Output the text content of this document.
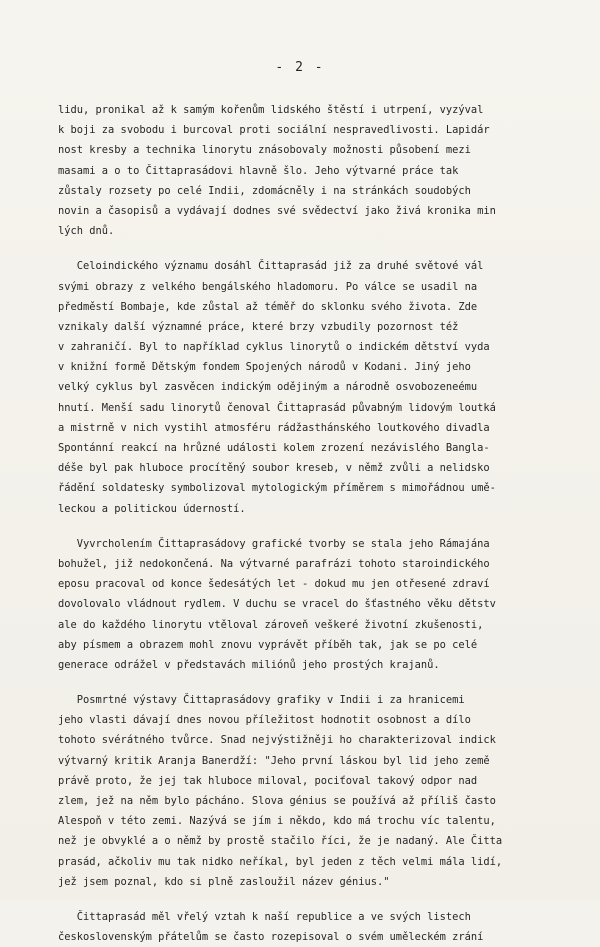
- 2 -
lidu, pronikal až k samým kořenům lidského štěstí i utrpení, vyzýval
k boji za svobodu i burcoval proti sociální nespravedlivosti. Lapidár
nost kresby a technika linorytu znásobovaly možnosti působení mezi
masami a o to Čittaprasádovi hlavně šlo. Jeho výtvarné práce tak
zůstaly rozsety po celé Indii, zdomácněly i na stránkách soudobých
novin a časopisů a vydávají dodnes své svědectví jako živá kronika min
lých dnů.
Celoindického významu dosáhl Čittaprasád již za druhé světové vál
svými obrazy z velkého bengálského hladomoru. Po válce se usadil na
předměstí Bombaje, kde zůstal až téměř do sklonku svého života. Zde
vznikaly další významné práce, které brzy vzbudily pozornost též
v zahraničí. Byl to například cyklus linorytů o indickém dětství vyda
v knižní formě Dětským fondem Spojených národů v Kodani. Jiný jeho
velký cyklus byl zasvěcen indickým odějiným a národně osvobozeneému
hnutí. Menší sadu linorytů čenoval Čittaprasád půvabným lidovým loutká
a mistrně v nich vystihl atmosféru rádžasthánského loutkového divadla
Spontánní reakcí na hrůzné události kolem zrození nezávislého Bangla-
déše byl pak hluboce procítěný soubor kreseb, v němž zvůli a nelidsko
řádění soldatesky symbolizoval mytologickým příměrem s mimořádnou umě-
leckou a politickou úderností.
Vyvrcholením Čittaprasádovy grafické tvorby se stala jeho Rámajána
bohužel, již nedokončená. Na výtvarné parafrázi tohoto staroindického
eposu pracoval od konce šedesátých let - dokud mu jen otřesené zdraví
dovolovalo vládnout rydlem. V duchu se vracel do šťastného věku dětstv
ale do každého linorytu vtěloval zároveň veškeré životní zkušenosti,
aby písmem a obrazem mohl znovu vyprávět příběh tak, jak se po celé
generace odrážel v představách miliónů jeho prostých krajanů.
Posmrtné výstavy Čittaprasádovy grafiky v Indii i za hranicemi
jeho vlasti dávají dnes novou příležitost hodnotit osobnost a dílo
tohoto svérátného tvůrce. Snad nejvýstižněji ho charakterizoval indick
výtvarný kritik Aranja Banerdží: "Jeho první láskou byl lid jeho země
právě proto, že jej tak hluboce miloval, pociťoval takový odpor nad
zlem, jež na něm bylo pácháno. Slova génius se používá až příliš často
Alespoň v této zemi. Nazývá se jím i někdo, kdo má trochu víc talentu,
než je obvyklé a o němž by prostě stačilo říci, že je nadaný. Ale Čitta
prasád, ačkoliv mu tak nidko neříkal, byl jeden z těch velmi mála lidí,
jež jsem poznal, kdo si plně zasloužil název génius."
Čittaprasád měl vřelý vztah k naší republice a ve svých listech
československým přátelům se často rozepisoval o svém uměleckém zrání
